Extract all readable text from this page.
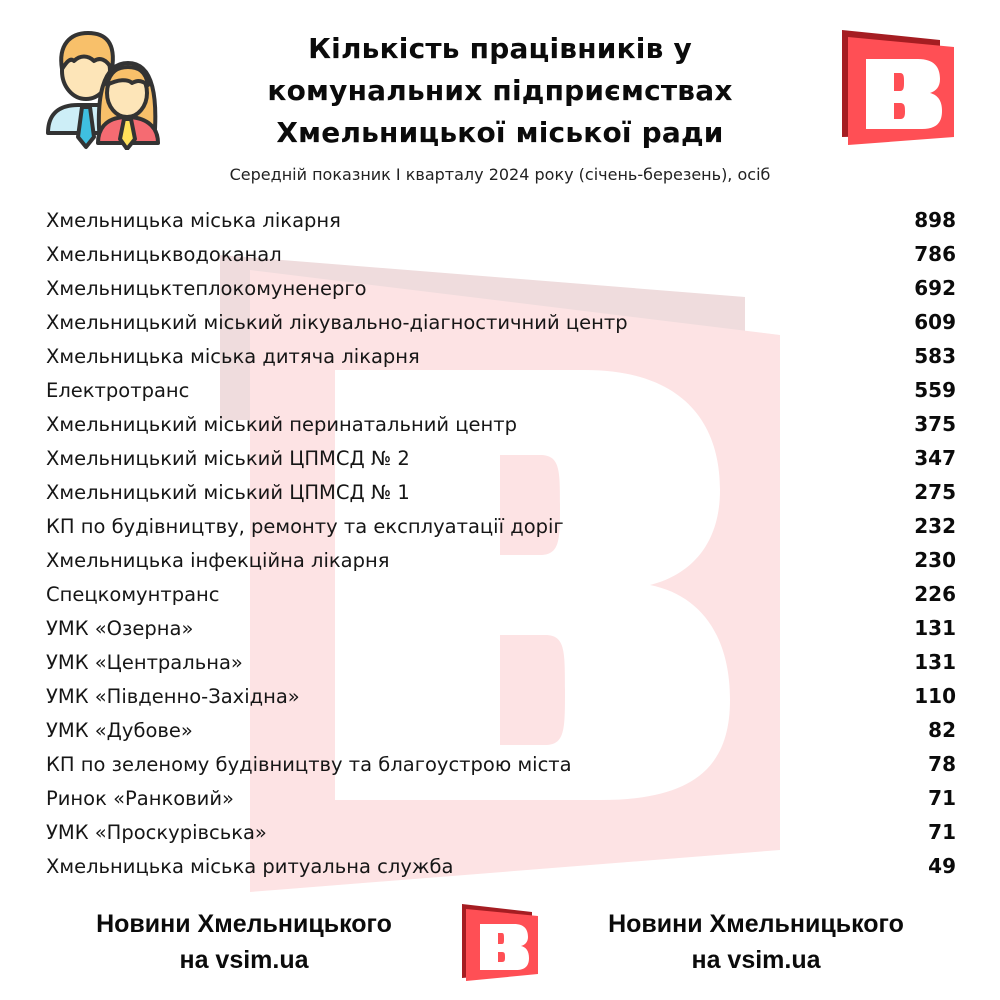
Кількість працівників у
комунальних підприємствах
Хмельницької міської ради
Середній показник I кварталу 2024 року (січень-березень), осіб
Хмельницька міська лікарня	898
Хмельницькводоканал	786
Хмельницьктеплокомуненерго	692
Хмельницький міський лікувально-діагностичний центр	609
Хмельницька міська дитяча лікарня	583
Електротранс	559
Хмельницький міський перинатальний центр	375
Хмельницький міський ЦПМСД № 2	347
Хмельницький міський ЦПМСД № 1	275
КП по будівництву, ремонту та експлуатації доріг	232
Хмельницька інфекційна лікарня	230
Спецкомунтранс	226
УМК «Озерна»	131
УМК «Центральна»	131
УМК «Південно-Західна»	110
УМК «Дубове»	82
КП по зеленому будівництву та благоустрою міста	78
Ринок «Ранковий»	71
УМК «Проскурівська»	71
Хмельницька міська ритуальна служба	49
Новини Хмельницького
на vsim.ua
Новини Хмельницького
на vsim.ua
